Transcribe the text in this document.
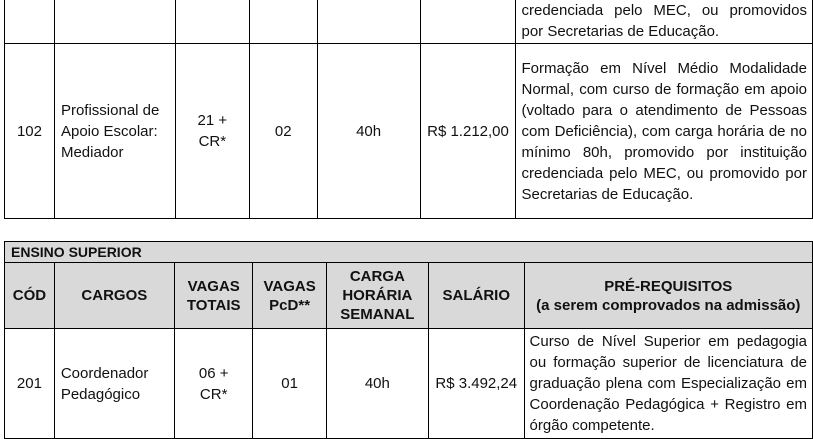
						credenciada pelo MEC, ou promovidos
por Secretarias de Educação.

102	Profissional de Apoio Escolar: Mediador	21 + CR*	02	40h	R$ 1.212,00	Formação em Nível Médio Modalidade Normal, com curso de formação em apoio (voltado para o atendimento de Pessoas com Deficiência), com carga horária de no mínimo 80h, promovido por instituição credenciada pelo MEC, ou promovido por Secretarias de Educação.
ENSINO SUPERIOR						
CÓD	CARGOS	VAGAS TOTAIS	VAGAS PcD**	CARGA HORÁRIA SEMANAL	SALÁRIO	PRÉ-REQUISITOS
(a serem comprovados na admissão)

201	Coordenador Pedagógico	06 + CR*	01	40h	R$ 3.492,24	Curso de Nível Superior em pedagogia ou formação superior de licenciatura de graduação plena com Especialização em Coordenação Pedagógica + Registro em órgão competente.
